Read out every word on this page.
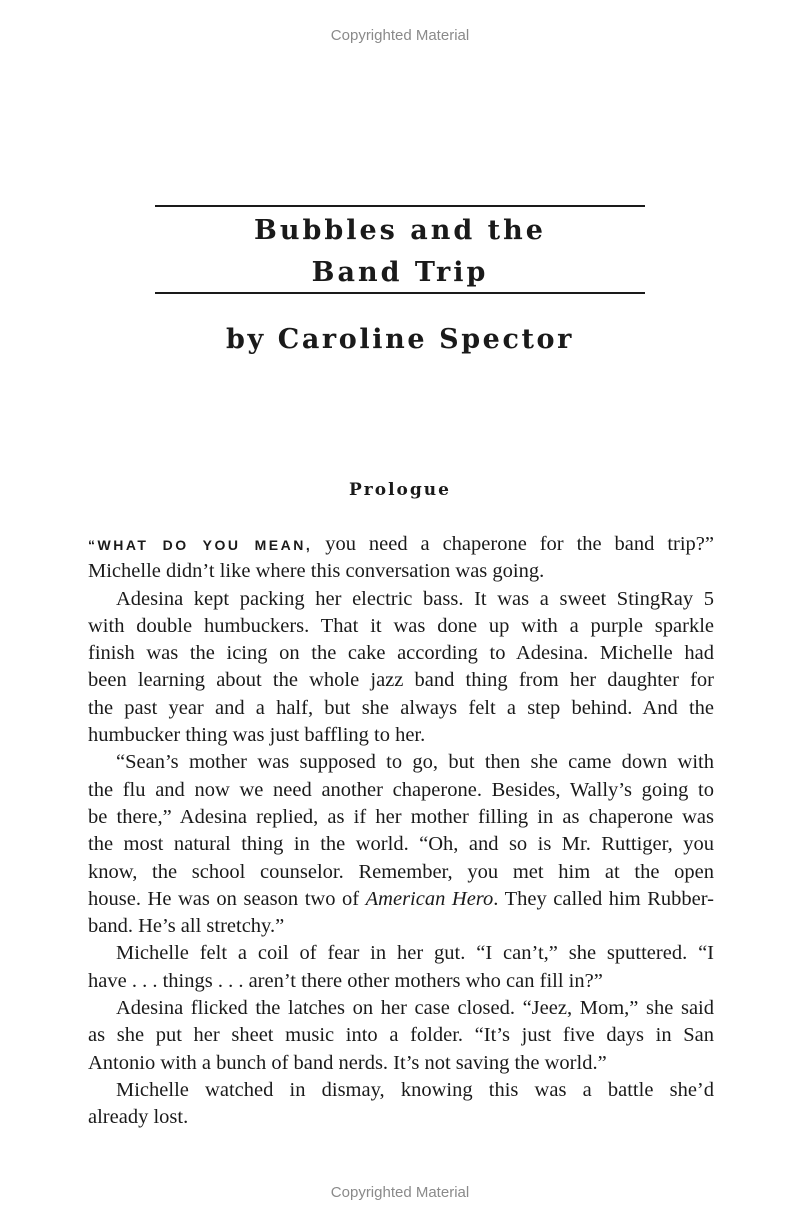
Copyrighted Material
Bubbles and the
Band Trip
by Caroline Spector
Prologue
“WHAT DO YOU MEAN, you need a chaperone for the band trip?”
Michelle didn’t like where this conversation was going.
Adesina kept packing her electric bass. It was a sweet StingRay 5
with double humbuckers. That it was done up with a purple sparkle
finish was the icing on the cake according to Adesina. Michelle had
been learning about the whole jazz band thing from her daughter for
the past year and a half, but she always felt a step behind. And the
humbucker thing was just baffling to her.
“Sean’s mother was supposed to go, but then she came down with
the flu and now we need another chaperone. Besides, Wally’s going to
be there,” Adesina replied, as if her mother filling in as chaperone was
the most natural thing in the world. “Oh, and so is Mr. Ruttiger, you
know, the school counselor. Remember, you met him at the open
house. He was on season two of American Hero. They called him Rubber-
band. He’s all stretchy.”
Michelle felt a coil of fear in her gut. “I can’t,” she sputtered. “I
have . . . things . . . aren’t there other mothers who can fill in?”
Adesina flicked the latches on her case closed. “Jeez, Mom,” she said
as she put her sheet music into a folder. “It’s just five days in San
Antonio with a bunch of band nerds. It’s not saving the world.”
Michelle watched in dismay, knowing this was a battle she’d
already lost.
Copyrighted Material
